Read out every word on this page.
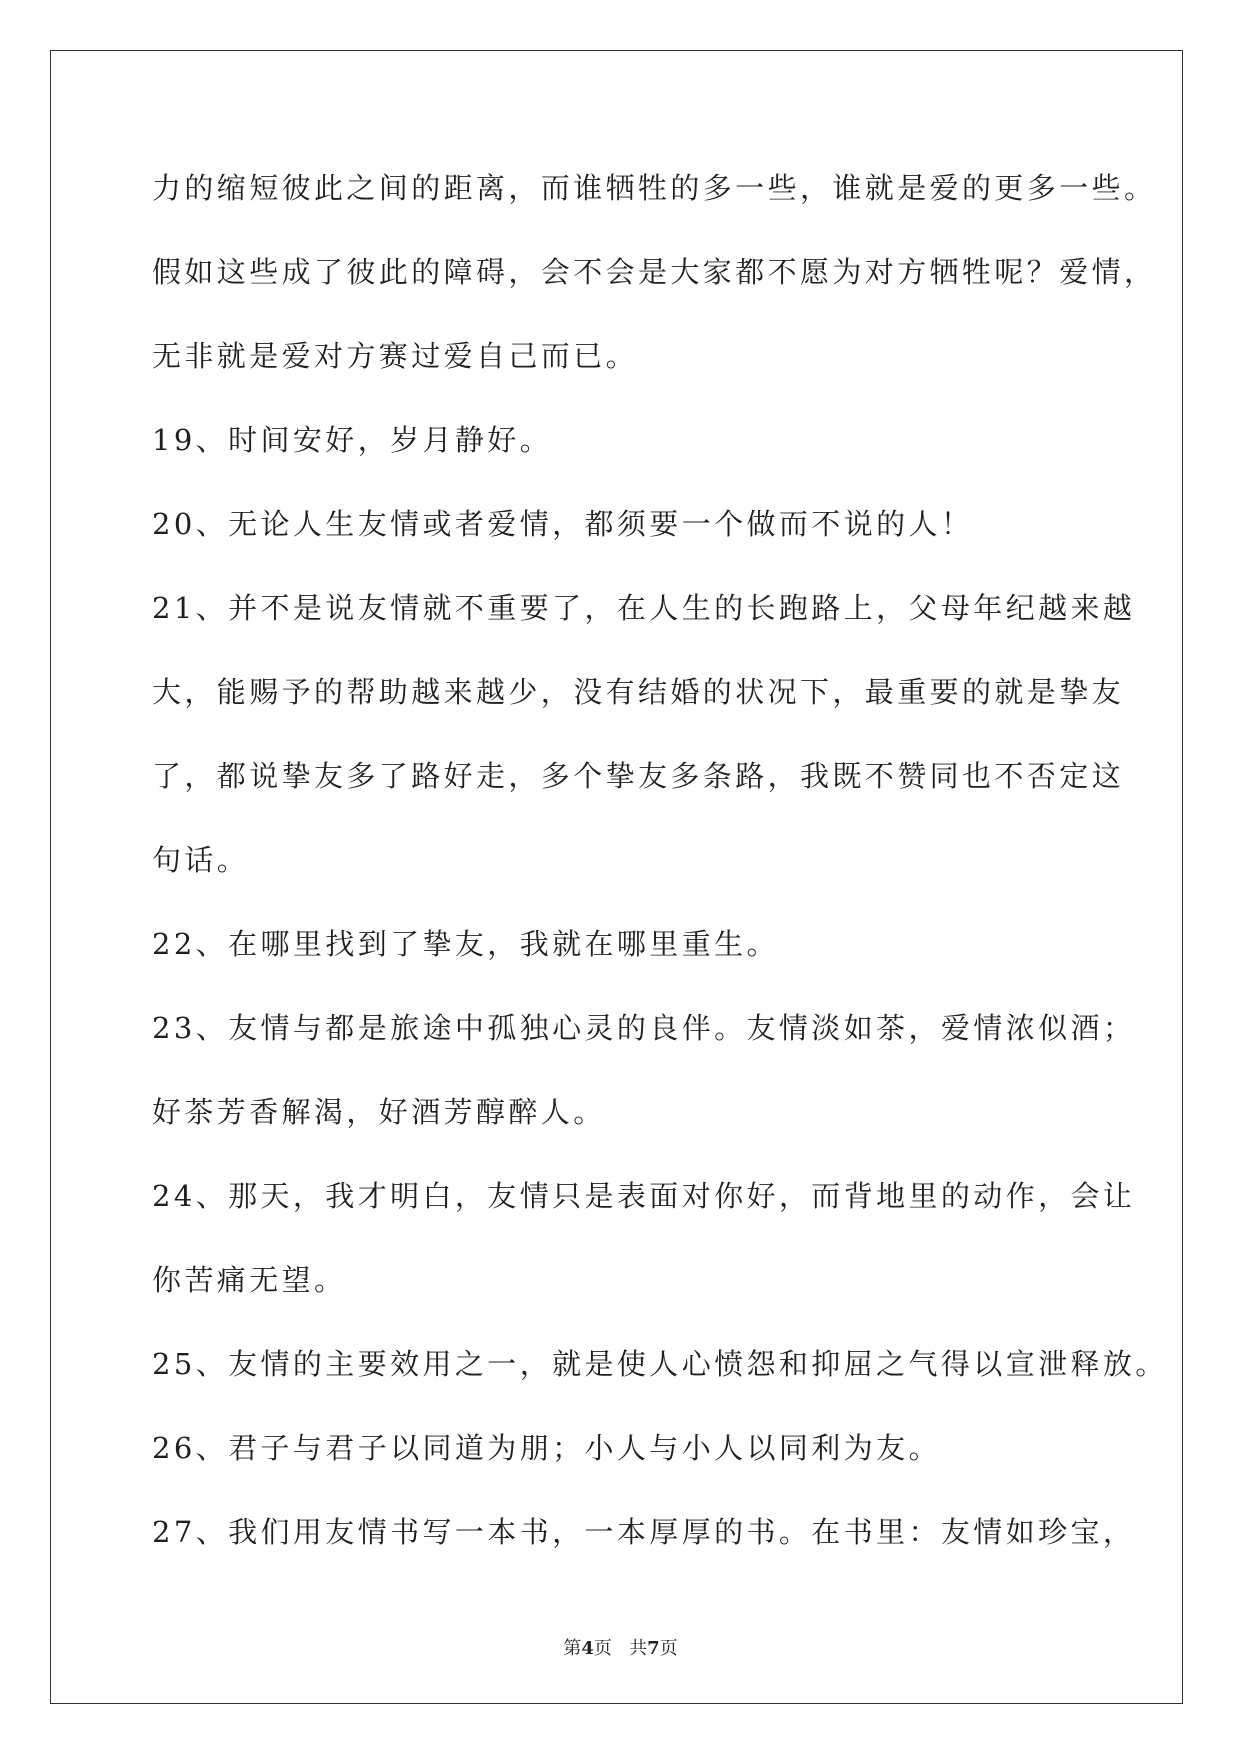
力的缩短彼此之间的距离，而谁牺牲的多一些，谁就是爱的更多一些。
假如这些成了彼此的障碍，会不会是大家都不愿为对方牺牲呢？爱情，
无非就是爱对方赛过爱自己而已。
19、时间安好，岁月静好。
20、无论人生友情或者爱情，都须要一个做而不说的人！
21、并不是说友情就不重要了，在人生的长跑路上，父母年纪越来越
大，能赐予的帮助越来越少，没有结婚的状况下，最重要的就是挚友
了，都说挚友多了路好走，多个挚友多条路，我既不赞同也不否定这
句话。
22、在哪里找到了挚友，我就在哪里重生。
23、友情与都是旅途中孤独心灵的良伴。友情淡如茶，爱情浓似酒；
好茶芳香解渴，好酒芳醇醉人。
24、那天，我才明白，友情只是表面对你好，而背地里的动作，会让
你苦痛无望。
25、友情的主要效用之一，就是使人心愤怨和抑屈之气得以宣泄释放。
26、君子与君子以同道为朋；小人与小人以同利为友。
27、我们用友情书写一本书，一本厚厚的书。在书里：友情如珍宝，
第4页   共7页
